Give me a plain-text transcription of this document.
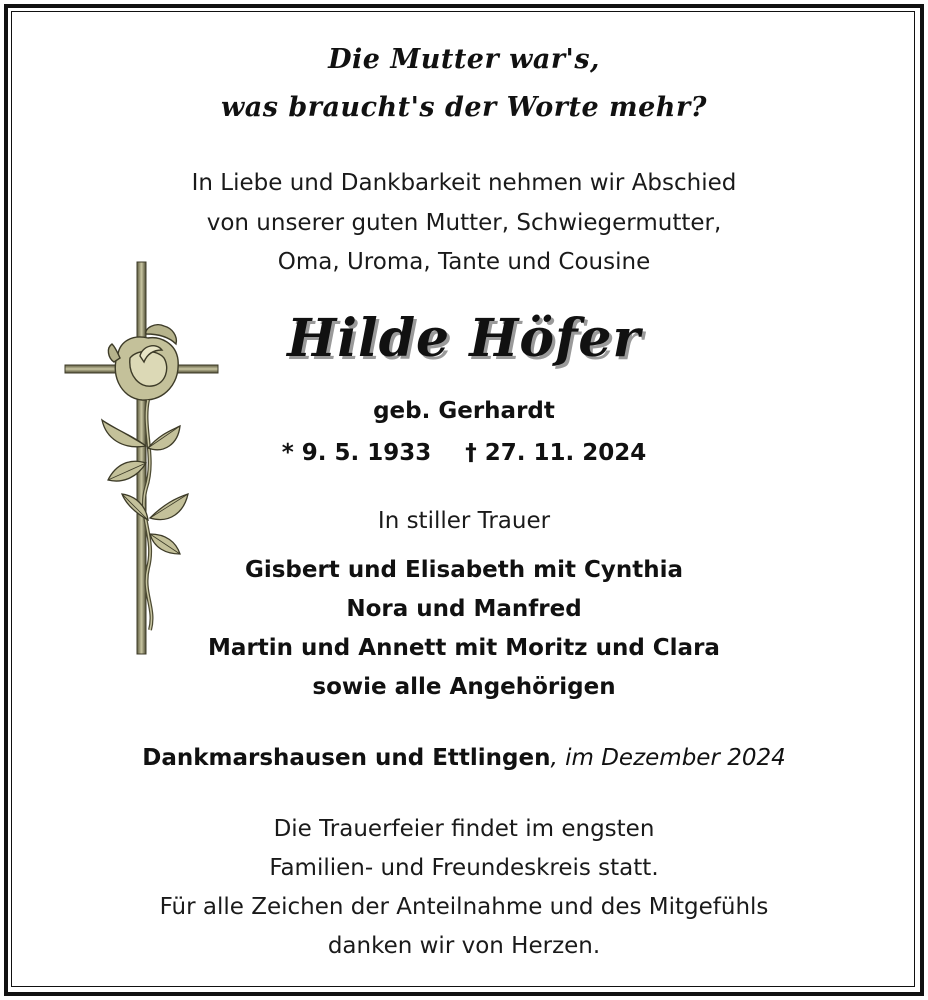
Die Mutter war's,
was braucht's der Worte mehr?
In Liebe und Dankbarkeit nehmen wir Abschied
von unserer guten Mutter, Schwiegermutter,
Oma, Uroma, Tante und Cousine
Hilde Höfer
geb. Gerhardt
* 9. 5. 1933 † 27. 11. 2024
In stiller Trauer
Gisbert und Elisabeth mit Cynthia
Nora und Manfred
Martin und Annett mit Moritz und Clara
sowie alle Angehörigen
Dankmarshausen und Ettlingen, im Dezember 2024
Die Trauerfeier findet im engsten
Familien- und Freundeskreis statt.
Für alle Zeichen der Anteilnahme und des Mitgefühls
danken wir von Herzen.
